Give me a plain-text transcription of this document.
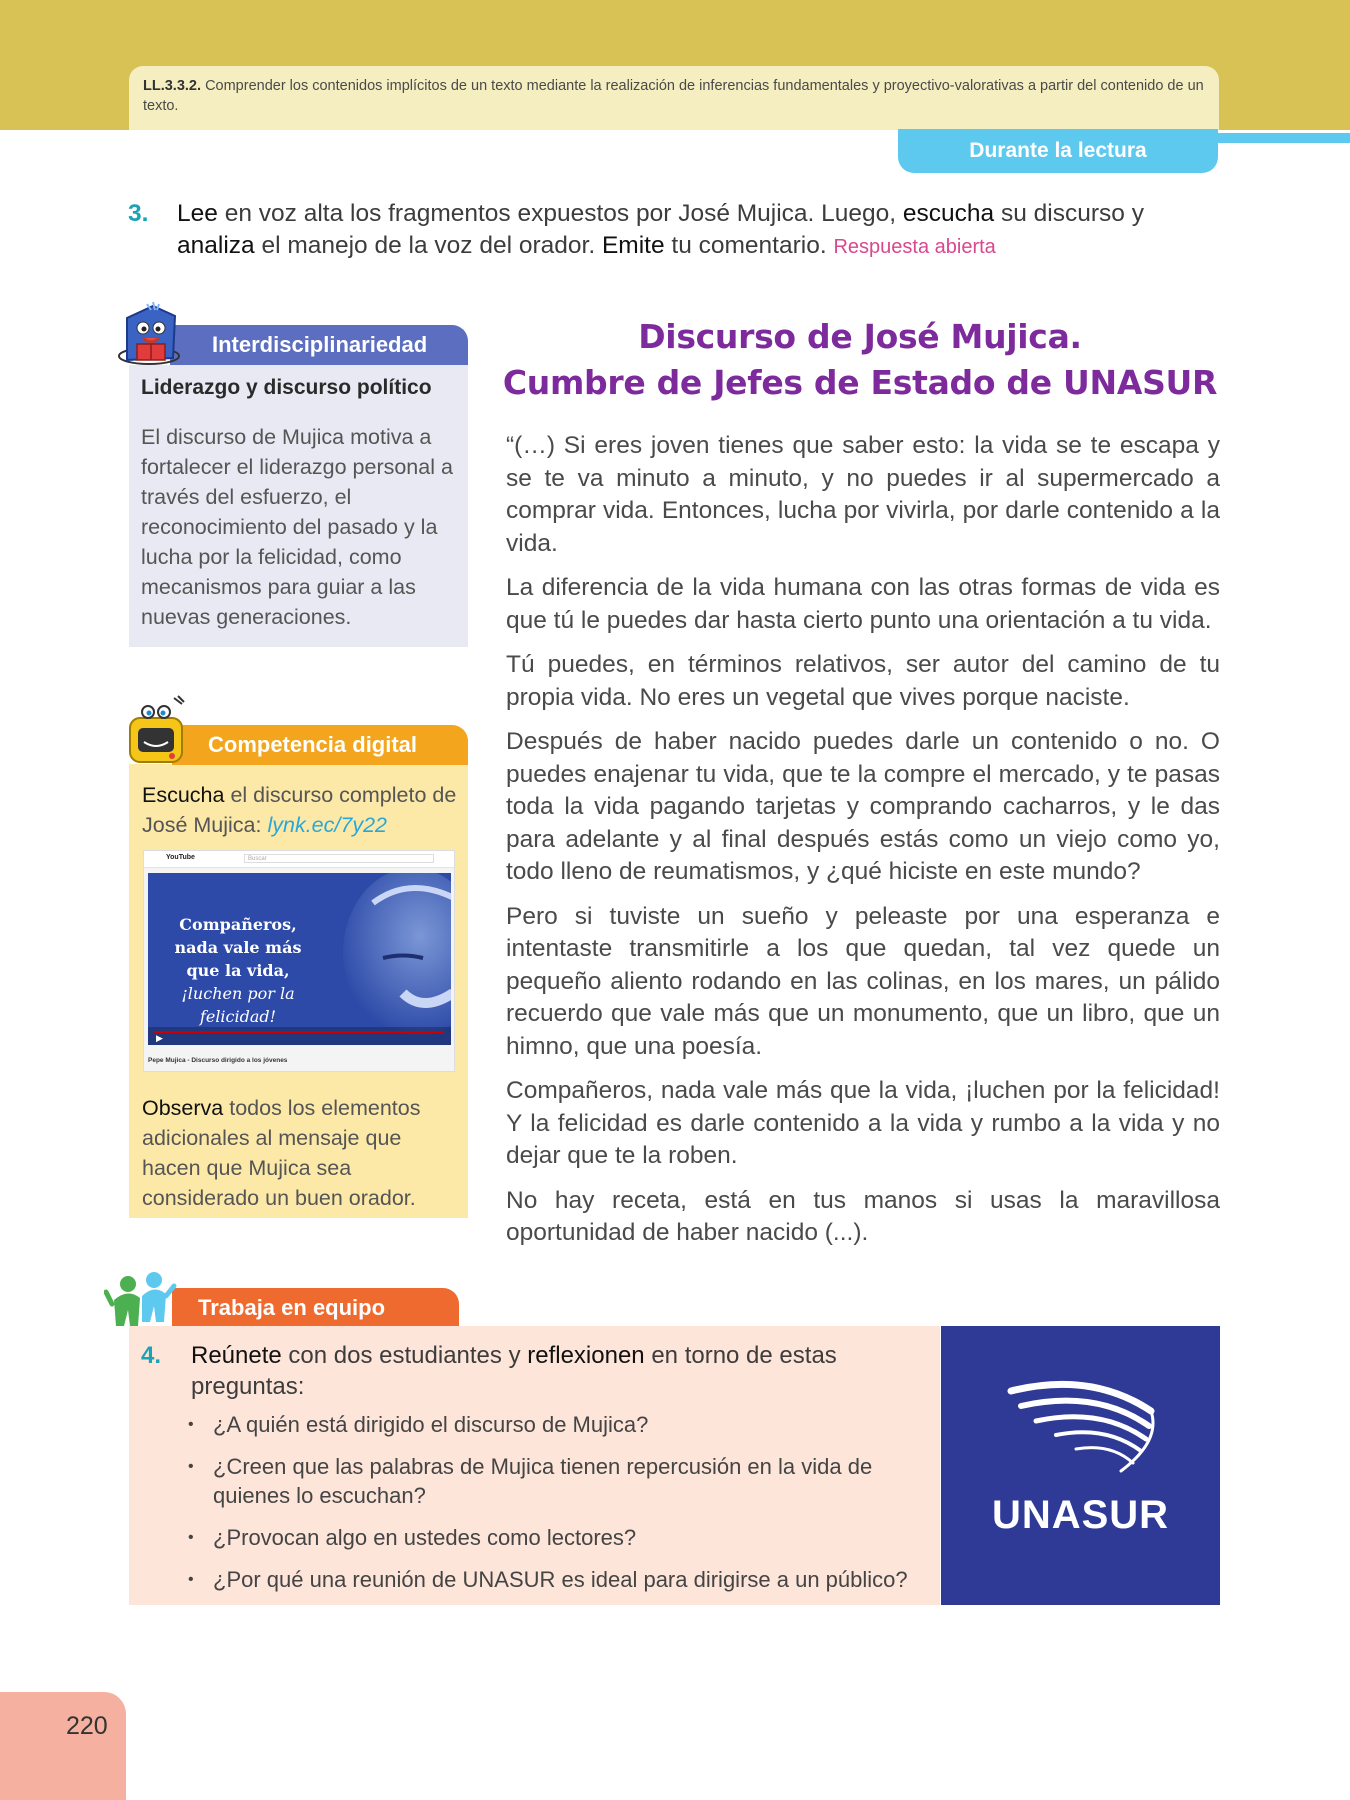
LL.3.3.2. Comprender los contenidos implícitos de un texto mediante la realización de inferencias fundamentales y proyectivo-valorativas a partir del contenido de un texto.
Durante la lectura
3.	Lee en voz alta los fragmentos expuestos por José Mujica. Luego, escucha su discurso y analiza el manejo de la voz del orador. Emite tu comentario. Respuesta abierta
Interdisciplinariedad
Liderazgo y discurso político
El discurso de Mujica motiva a fortalecer el liderazgo personal a través del esfuerzo, el reconocimiento del pasado y la lucha por la felicidad, como mecanismos para guiar a las nuevas generaciones.
Competencia digital
Escucha el discurso completo de José Mujica: lynk.ec/7y22
YouTube	Buscar
Compañeros,
nada vale más
que la vida,
¡luchen por la
felicidad!
▶
Pepe Mujica - Discurso dirigido a los jóvenes
Observa todos los elementos adicionales al mensaje que hacen que Mujica sea considerado un buen orador.
Discurso de José Mujica.
Cumbre de Jefes de Estado de UNASUR

“(…) Si eres joven tienes que saber esto: la vida se te escapa y se te va minuto a minuto, y no puedes ir al supermercado a comprar vida. Entonces, lucha por vivirla, por darle contenido a la vida.

La diferencia de la vida humana con las otras formas de vida es que tú le puedes dar hasta cierto punto una orientación a tu vida.

Tú puedes, en términos relativos, ser autor del camino de tu propia vida. No eres un vegetal que vives porque naciste.

Después de haber nacido puedes darle un contenido o no. O puedes enajenar tu vida, que te la compre el mercado, y te pasas toda la vida pagando tarjetas y comprando cacharros, y le das para adelante y al final después estás como un viejo como yo, todo lleno de reumatismos, y ¿qué hiciste en este mundo?

Pero si tuviste un sueño y peleaste por una esperanza e intentaste transmitirle a los que quedan, tal vez quede un pequeño aliento rodando en las colinas, en los mares, un pálido recuerdo que vale más que un monumento, que un libro, que un himno, que una poesía.

Compañeros, nada vale más que la vida, ¡luchen por la felicidad! Y la felicidad es darle contenido a la vida y rumbo a la vida y no dejar que te la roben.

No hay receta, está en tus manos si usas la maravillosa oportunidad de haber nacido (...).

Trabaja en equipo
4.	Reúnete con dos estudiantes y reflexionen en torno de estas preguntas:
• ¿A quién está dirigido el discurso de Mujica?
• ¿Creen que las palabras de Mujica tienen repercusión en la vida de quienes lo escuchan?
• ¿Provocan algo en ustedes como lectores?
• ¿Por qué una reunión de UNASUR es ideal para dirigirse a un público?
UNASUR
220
